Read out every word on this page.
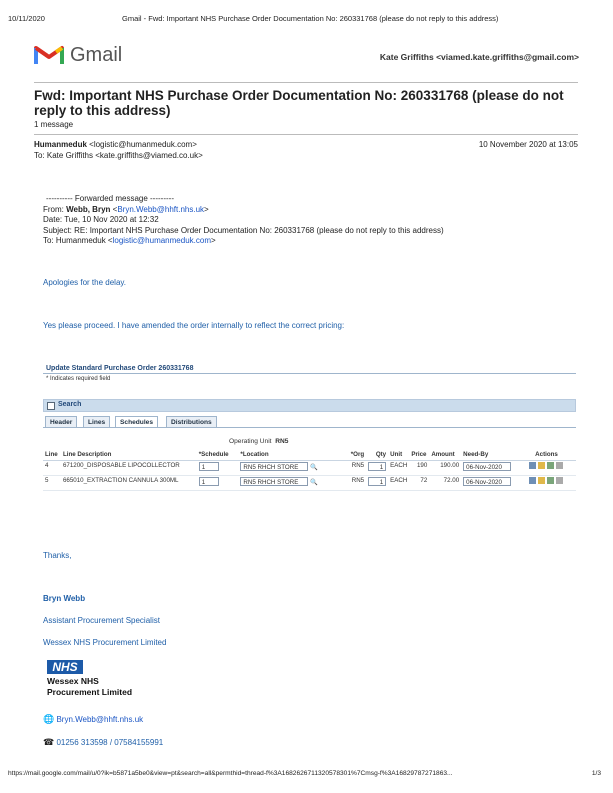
10/11/2020	Gmail - Fwd: Important NHS Purchase Order Documentation No: 260331768 (please do not reply to this address)
Gmail	Kate Griffiths <viamed.kate.griffiths@gmail.com>
Fwd: Important NHS Purchase Order Documentation No: 260331768 (please do not reply to this address)
1 message
Humanmeduk <logistic@humanmeduk.com>	10 November 2020 at 13:05
To: Kate Griffiths <kate.griffiths@viamed.co.uk>
---------- Forwarded message ---------
From: Webb, Bryn <Bryn.Webb@hhft.nhs.uk>
Date: Tue, 10 Nov 2020 at 12:32
Subject: RE: Important NHS Purchase Order Documentation No: 260331768 (please do not reply to this address)
To: Humanmeduk <logistic@humanmeduk.com>
Apologies for the delay.
Yes please proceed. I have amended the order internally to reflect the correct pricing:
Update Standard Purchase Order 260331768
* Indicates required field
Search
Header	Lines	Schedules	Distributions
Operating Unit RN5
Line	Line Description	*Schedule	*Location	*Org	Qty	Unit	Price	Amount	Need-By	Actions
4	671200_DISPOSABLE LIPOCOLLECTOR	1	RN5 RHCH STORE 🔍	RN5	1	EACH	190	190.00	06-Nov-2020	
5	665010_EXTRACTION CANNULA 300ML	1	RN5 RHCH STORE 🔍	RN5	1	EACH	72	72.00	06-Nov-2020	
Thanks,
Bryn Webb
Assistant Procurement Specialist
Wessex NHS Procurement Limited
NHS
Wessex NHS
Procurement Limited
🌐 Bryn.Webb@hhft.nhs.uk
☎ 01256 313598 / 07584155991
https://mail.google.com/mail/u/0?ik=b5871a5be0&view=pt&search=all&permthid=thread-f%3A1682626711320578301%7Cmsg-f%3A16829787271863...	1/3
